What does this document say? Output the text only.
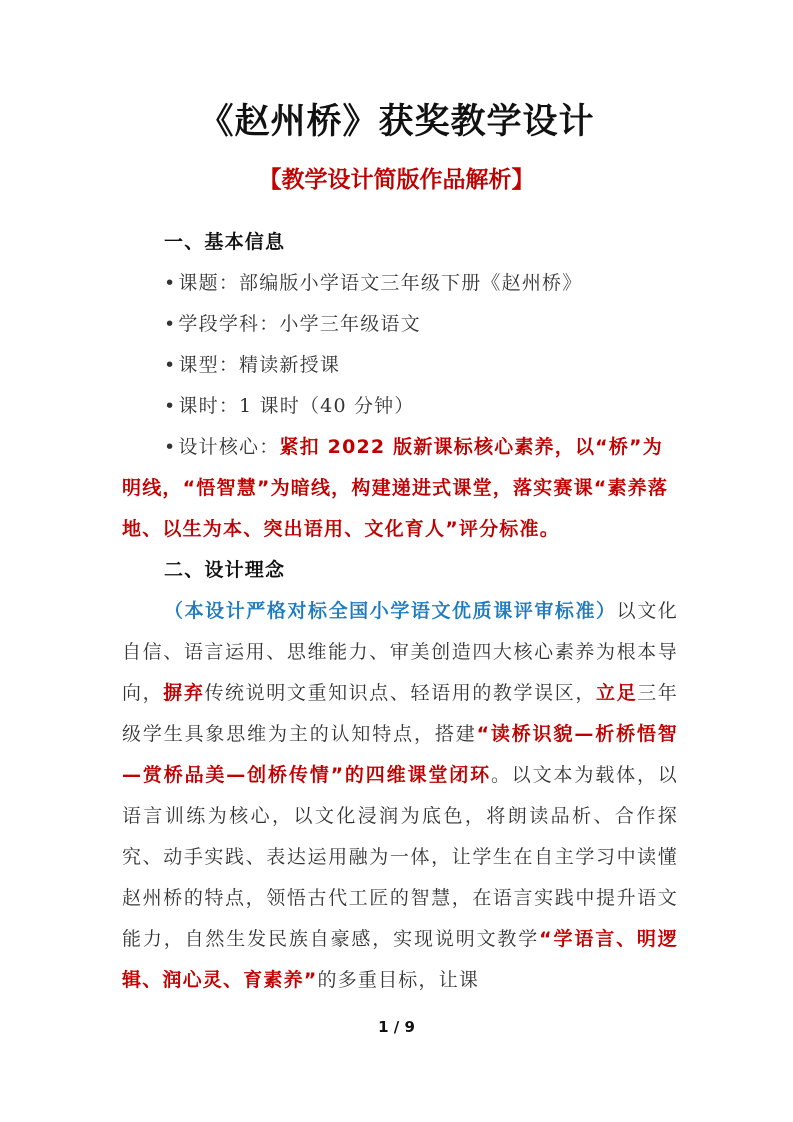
《赵州桥》获奖教学设计
【教学设计简版作品解析】

一、基本信息

• 课题：部编版小学语文三年级下册《赵州桥》

• 学段学科：小学三年级语文

• 课型：精读新授课

• 课时：1 课时（40 分钟）

• 设计核心：紧扣 2022 版新课标核心素养，以“桥”为明线，“悟智慧”为暗线，构建递进式课堂，落实赛课“素养落地、以生为本、突出语用、文化育人”评分标准。

二、设计理念

（本设计严格对标全国小学语文优质课评审标准）以文化自信、语言运用、思维能力、审美创造四大核心素养为根本导向，摒弃传统说明文重知识点、轻语用的教学误区，立足三年级学生具象思维为主的认知特点，搭建“读桥识貌—析桥悟智—赏桥品美—创桥传情”的四维课堂闭环。以文本为载体，以语言训练为核心，以文化浸润为底色，将朗读品析、合作探究、动手实践、表达运用融为一体，让学生在自主学习中读懂赵州桥的特点，领悟古代工匠的智慧，在语言实践中提升语文能力，自然生发民族自豪感，实现说明文教学“学语言、明逻辑、润心灵、育素养”的多重目标，让课

1 / 9
